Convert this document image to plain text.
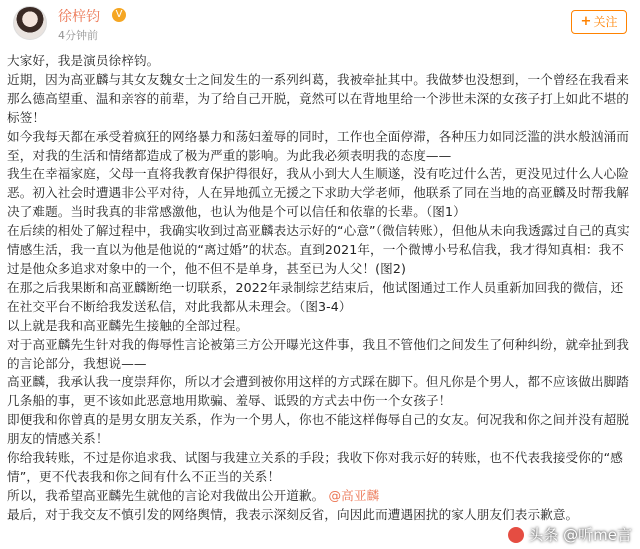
徐梓钧	V
4分钟前
+ 关注

大家好，我是演员徐梓钧。

近期，因为高亚麟与其女友魏女士之间发生的一系列纠葛，我被牵扯其中。我做梦也没想到，一个曾经在我看来那么德高望重、温和亲容的前辈，为了给自己开脱，竟然可以在背地里给一个涉世未深的女孩子打上如此不堪的标签！

如今我每天都在承受着疯狂的网络暴力和荡妇羞辱的同时，工作也全面停滞，各种压力如同泛滥的洪水般汹涌而至，对我的生活和情绪都造成了极为严重的影响。为此我必须表明我的态度——

我生在幸福家庭，父母一直将我教育保护得很好，我从小到大人生顺遂，没有吃过什么苦，更没见过什么人心险恶。初入社会时遭遇非公平对待，人在异地孤立无援之下求助大学老师，他联系了同在当地的高亚麟及时帮我解决了难题。当时我真的非常感激他，也认为他是个可以信任和依靠的长辈。（图1）

在后续的相处了解过程中，我确实收到过高亚麟表达示好的“心意”（微信转账），但他从未向我透露过自己的真实情感生活，我一直以为他是他说的“离过婚”的状态。直到2021年，一个微博小号私信我，我才得知真相：我不过是他众多追求对象中的一个，他不但不是单身，甚至已为人父！(图2)

在那之后我果断和高亚麟断绝一切联系，2022年录制综艺结束后，他试图通过工作人员重新加回我的微信，还在社交平台不断给我发送私信，对此我都从未理会。（图3-4）

以上就是我和高亚麟先生接触的全部过程。

对于高亚麟先生针对我的侮辱性言论被第三方公开曝光这件事，我且不管他们之间发生了何种纠纷，就牵扯到我的言论部分，我想说——

高亚麟，我承认我一度崇拜你，所以才会遭到被你用这样的方式踩在脚下。但凡你是个男人，都不应该做出脚踏几条船的事，更不该如此恶意地用欺骗、羞辱、诋毁的方式去中伤一个女孩子！

即便我和你曾真的是男女朋友关系，作为一个男人，你也不能这样侮辱自己的女友。何况我和你之间并没有超脱朋友的情感关系！

你给我转账，不过是你追求我、试图与我建立关系的手段；我收下你对我示好的转账，也不代表我接受你的“感情”，更不代表我和你之间有什么不正当的关系！

所以，我希望高亚麟先生就他的言论对我做出公开道歉。 @高亚麟

最后，对于我交友不慎引发的网络舆情，我表示深刻反省，向因此而遭遇困扰的家人朋友们表示歉意。

头条 @听me言
